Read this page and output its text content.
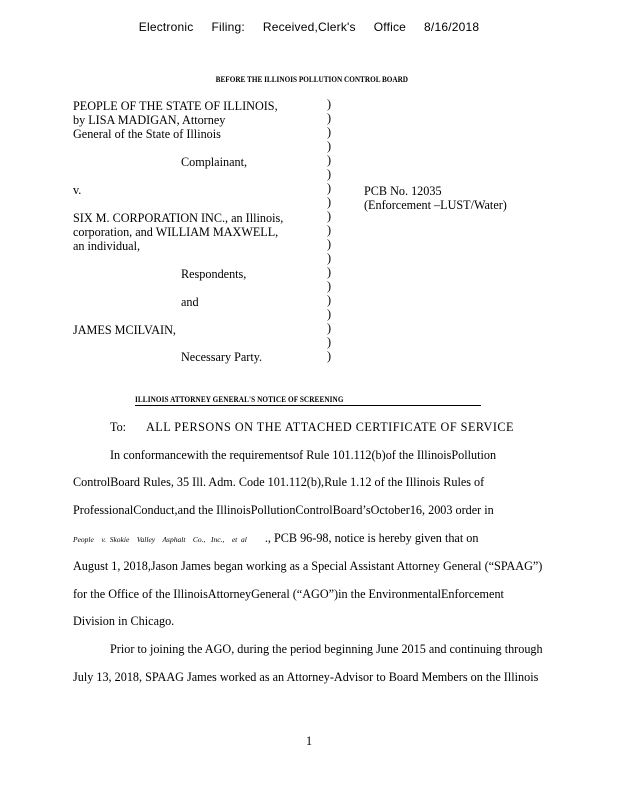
Electronic Filing: Received,Clerk's Office 8/16/2018
BEFORE THE ILLINOIS POLLUTION CONTROL BOARD
PEOPLE OF THE STATE OF ILLINOIS,
by LISA MADIGAN, Attorney
General of the State of Illinois
Complainant,
v.
SIX M. CORPORATION INC., an Illinois,
corporation, and WILLIAM MAXWELL,
an individual,
Respondents,
and
JAMES MCILVAIN,
Necessary Party.
)
)
)
)
)
)
)
)
)
)
)
)
)
)
)
)
)
)
)
PCB No. 12035
(Enforcement –LUST/Water)
ILLINOIS ATTORNEY GENERAL'S NOTICE OF SCREENING
To: ALL PERSONS ON THE ATTACHED CERTIFICATE OF SERVICE
In conformancewith the requirementsof Rule 101.112(b)of the IllinoisPollution
ControlBoard Rules, 35 Ill. Adm. Code 101.112(b),Rule 1.12 of the Illinois Rules of
ProfessionalConduct,and the IllinoisPollutionControlBoard’sOctober16, 2003 order in
People    v.  Skokie    Valley    Asphalt    Co.,   Inc.,    et  al ., PCB 96-98, notice is hereby given that on
August 1, 2018,Jason James began working as a Special Assistant Attorney General (“SPAAG”)
for the Office of the IllinoisAttorneyGeneral (“AGO”)in the EnvironmentalEnforcement
Division in Chicago.
Prior to joining the AGO, during the period beginning June 2015 and continuing through
July 13, 2018, SPAAG James worked as an Attorney-Advisor to Board Members on the Illinois
1
